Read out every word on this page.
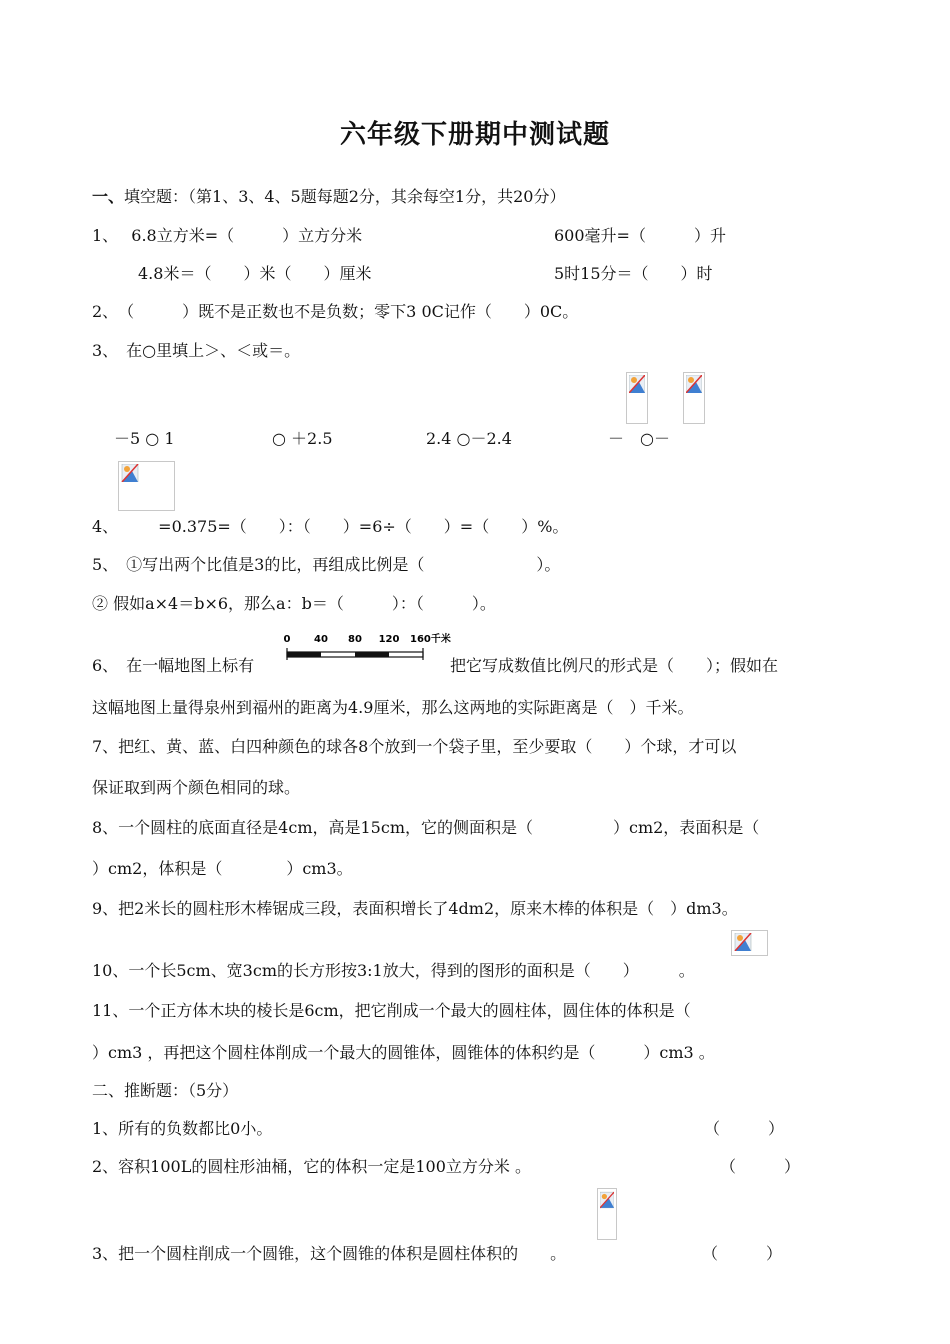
六年级下册期中测试题
一、填空题：（第1、3、4、5题每题2分，其余每空1分，共20分）
1、　 6.8立方米=（　　　）立方分米	600毫升=（　　　）升
4.8米＝（　　）米（　　）厘米	5时15分＝（　　）时
2、　（　　　）既不是正数也不是负数；零下3 0C记作（　　）0C。
3、　在○里填上＞、＜或＝。
－5 ○ 1	○ ＋2.5	2.4 ○－2.4	－　○－
4、　　　=0.375=（　　）：（　　）=6÷（　　）=（　　）%。
5、　①写出两个比值是3的比，再组成比例是（　　　　　　　）。
② 假如a×4＝b×6，那么a：b＝（　　　）：（　　　）。
6、　在一幅地图上标有
0 40 80 120 160千米
把它写成数值比例尺的形式是（　　）；假如在
这幅地图上量得泉州到福州的距离为4.9厘米，那么这两地的实际距离是（　）千米。
7、把红、黄、蓝、白四种颜色的球各8个放到一个袋子里，至少要取（　　）个球，才可以
保证取到两个颜色相同的球。
8、一个圆柱的底面直径是4cm，高是15cm，它的侧面积是（　　　　　）cm2，表面积是（
）cm2，体积是（　　　　）cm3。
9、把2米长的圆柱形木棒锯成三段，表面积增长了4dm2，原来木棒的体积是（　）dm3。
10、一个长5cm、宽3cm的长方形按3:1放大，得到的图形的面积是（　　）　　　。
11、一个正方体木块的棱长是6cm，把它削成一个最大的圆柱体，圆住体的体积是（
）cm3 ，再把这个圆柱体削成一个最大的圆锥体，圆锥体的体积约是（　　　）cm3 。
二、推断题：（5分）
1、所有的负数都比0小。	（　　　）
2、容积100L的圆柱形油桶，它的体积一定是100立方分米 。	（　　　）
3、把一个圆柱削成一个圆锥，这个圆锥的体积是圆柱体积的　　。	（　　　）
